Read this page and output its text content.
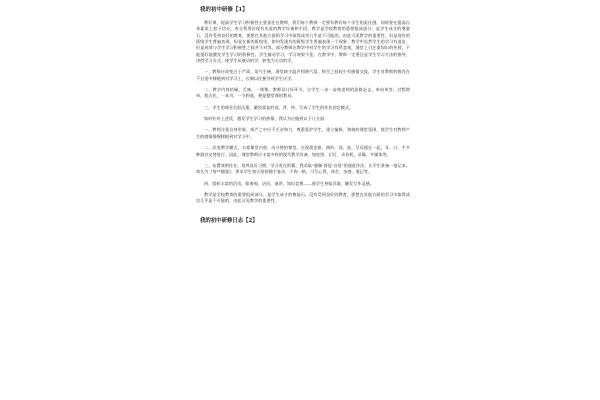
我的初中研修【1】

教好课，提高学生学习积极性主要责任在教师，我们每个教师一定要有教好每个学生的责任感，同时要在提高自身素质上狠下功夫。充分利用好现有先进的教学设备和手段，教学是学校教育的重要组成部分，是学生成才的奠基石，没有受到良好的教育，要想在其他方面的学习中取得成功几乎是不可能的，由此可见教学的重要性。但是现有的班级学生普遍表现，但是在新的班级里，如何发现有的班级学生普遍表现一个现象：教学中虽然学生的学习有进步，但是成绩与学生学习积极性之间并不对等。部分教师在教学中对学生的学习有所忽视，课堂上只注重知识的传授，不能很好地激发学生学习的积极性。学生被动学习，学习效果不佳。在教学中，教师一定要注意学生学习方法的指导，讲授学习方式，使学生从被动的学，转变为主动的学。

一、教师应改变过于严肃，语气生硬，课堂缺少温声和谐气氛，师生之间较少有感情交流，学生对教师的敬畏在不自觉中移植到对学习上，长期以往便导致学生厌学。

二、教学内容枯燥，乏味，一课课，教师设计好环节，让学生一步一步按老师的思路走去，单向单答，过程简单，程式化，一本书，一支粉笔，便是整堂课的教具。

三、学生的课业负担沉重，繁琐重复的读、背、抄、写成了学生的作业固定模式。

如何针对上述状，激发学生学习的热情，我认为应做到以下几方面：

一、教师注重自身形象，威严之中应不乏亲和力，尊重爱护学生，建立输极、和谐的课堂氛围，使学生对教师产生的感情慢慢移植到对学习中。

二、改变教学模式，丰富课堂内容，动分钟的课堂，应视需安排，商听、读、说、写穿插在一起，耳、口、手多种器官交替进行。因此，课堂教师应丰富多样的现代教学设备，如挂图、幻灯、录音机、录像、多媒体等。

三、布置效明作业，培养良好习惯，学习贵在积累，我采取"强制-督促-自觉"的递进作法，让学生准备一笔记本，命名为《每**随笔》，要求学生每天坚持随手笔录，不拘一格，可写心得、体会、杂感、笔记等。

四、组织丰富的活动，如参观，访问，演讲，知识竞赛——使学生身临其境，触发写作灵感。

教学是学校教育的重要组成部分，是学生成才的奠基石，没有受到良好的教育，要想在其他方面的学习中取得成功几乎是不可能的，由此可见教学的重要性。

我的初中研修日志【2】
